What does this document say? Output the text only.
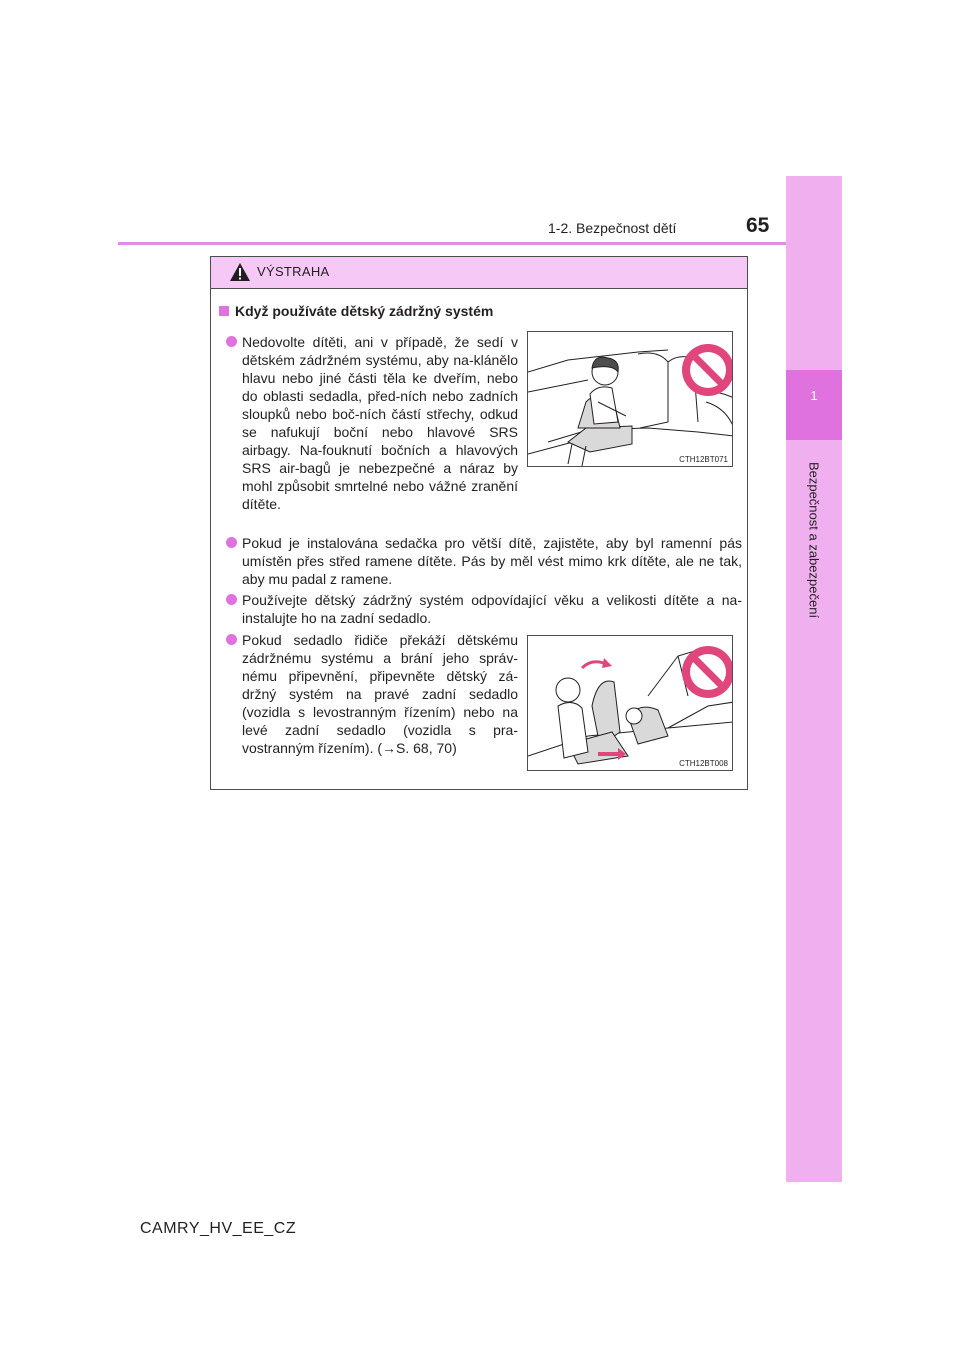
1
Bezpečnost a zabezpečení
1-2. Bezpečnost dětí	65
VÝSTRAHA
Když používáte dětský zádržný systém
Nedovolte dítěti, ani v případě, že sedí v dětském zádržném systému, aby na-klánělo hlavu nebo jiné části těla ke dveřím, nebo do oblasti sedadla, před-ních nebo zadních sloupků nebo boč-ních částí střechy, odkud se nafukují boční nebo hlavové SRS airbagy. Na-fouknutí bočních a hlavových SRS air-bagů je nebezpečné a náraz by mohl způsobit smrtelné nebo vážné zranění dítěte.
CTH12BT071
Pokud je instalována sedačka pro větší dítě, zajistěte, aby byl ramenní pás umístěn přes střed ramene dítěte. Pás by měl vést mimo krk dítěte, ale ne tak, aby mu padal z ramene.
Používejte dětský zádržný systém odpovídající věku a velikosti dítěte a na-instalujte ho na zadní sedadlo.
Pokud sedadlo řidiče překáží dětskému zádržnému systému a brání jeho správ-nému připevnění, připevněte dětský zá-držný systém na pravé zadní sedadlo (vozidla s levostranným řízením) nebo na levé zadní sedadlo (vozidla s pra-vostranným řízením). (→S. 68, 70)
CTH12BT008
CAMRY_HV_EE_CZ
